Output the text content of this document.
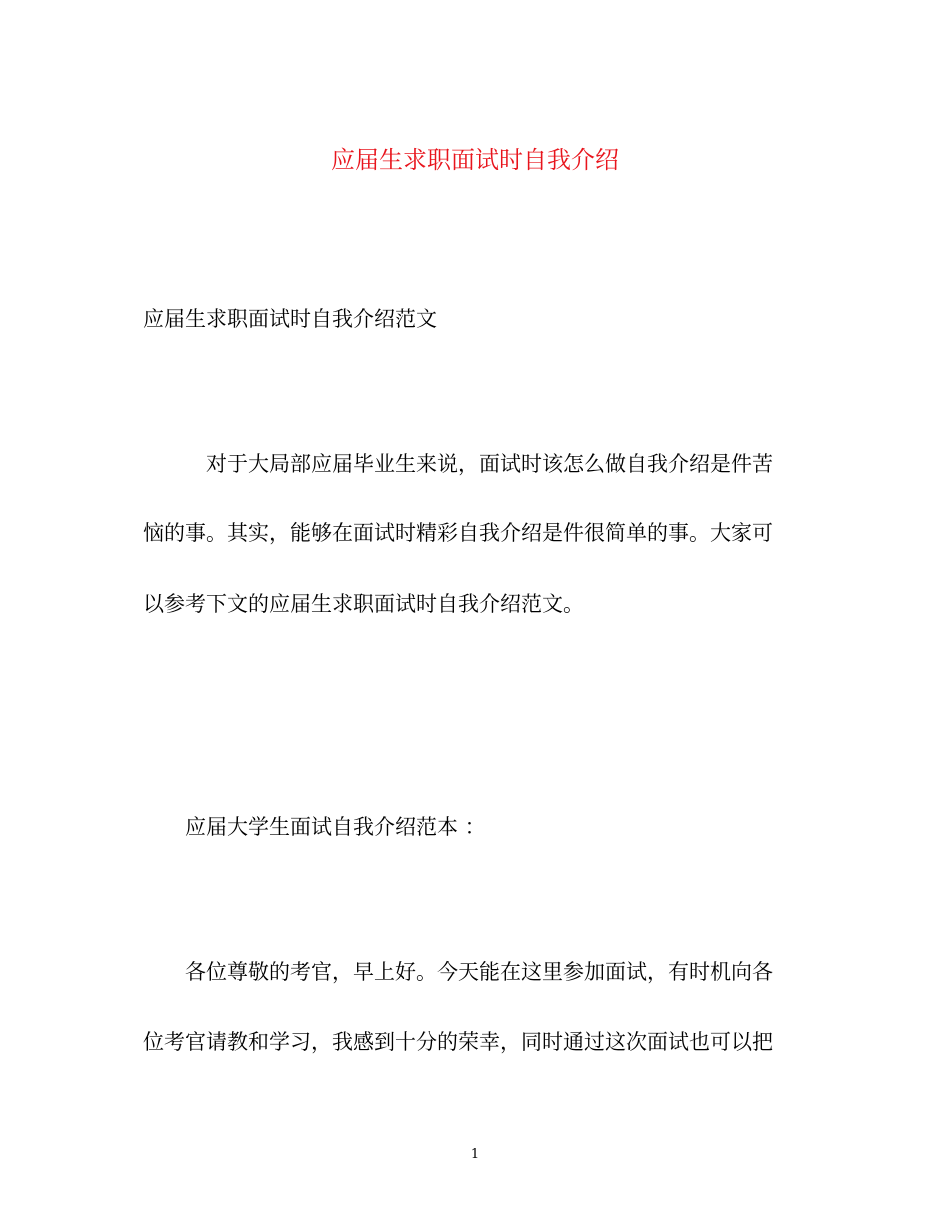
应届生求职面试时自我介绍
应届生求职面试时自我介绍范文
对于大局部应届毕业生来说，面试时该怎么做自我介绍是件苦
恼的事。其实，能够在面试时精彩自我介绍是件很简单的事。大家可
以参考下文的应届生求职面试时自我介绍范文。
应届大学生面试自我介绍范本 ：
各位尊敬的考官，早上好。今天能在这里参加面试，有时机向各
位考官请教和学习，我感到十分的荣幸，同时通过这次面试也可以把
1
